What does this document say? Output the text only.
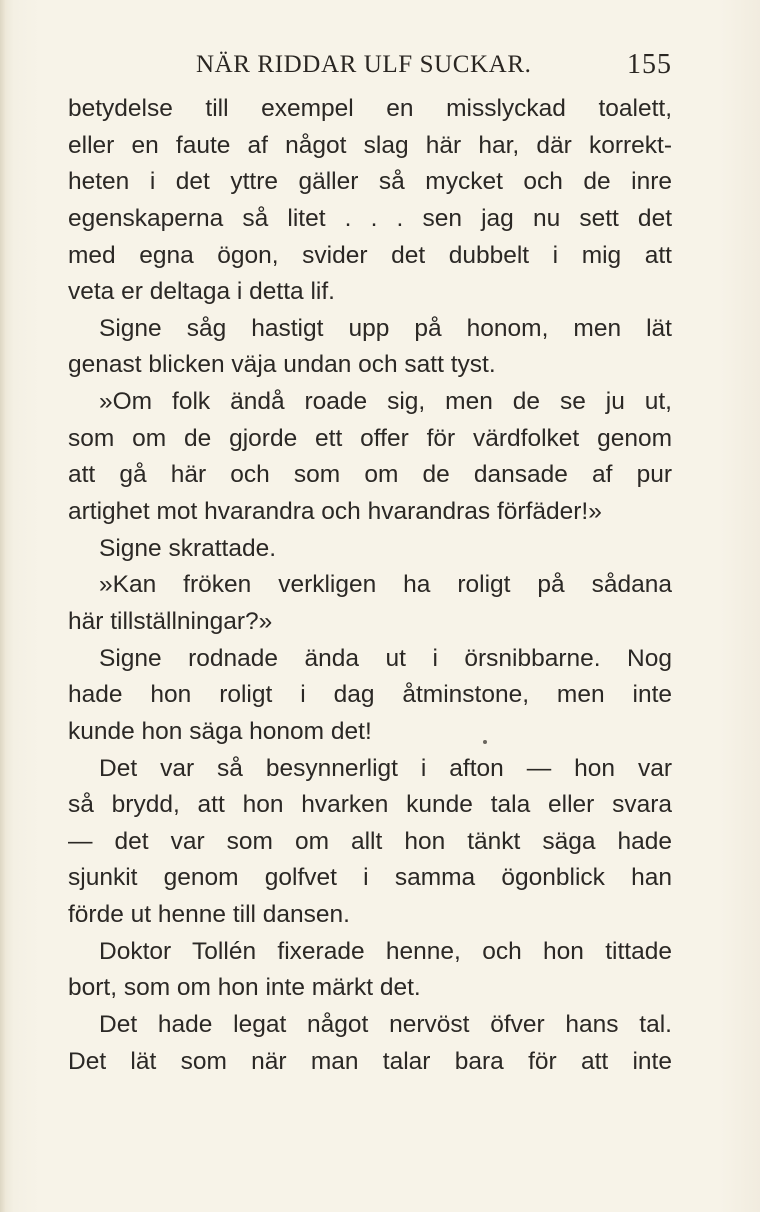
NÄR RIDDAR ULF SUCKAR.	155
betydelse till exempel en misslyckad toalett,
eller en faute af något slag här har, där korrekt-
heten i det yttre gäller så mycket och de inre
egenskaperna så litet . . . sen jag nu sett det
med egna ögon, svider det dubbelt i mig att
veta er deltaga i detta lif.
Signe såg hastigt upp på honom, men lät
genast blicken väja undan och satt tyst.
»Om folk ändå roade sig, men de se ju ut,
som om de gjorde ett offer för värdfolket genom
att gå här och som om de dansade af pur
artighet mot hvarandra och hvarandras förfäder!»
Signe skrattade.
»Kan fröken verkligen ha roligt på sådana
här tillställningar?»
Signe rodnade ända ut i örsnibbarne. Nog
hade hon roligt i dag åtminstone, men inte
kunde hon säga honom det!
Det var så besynnerligt i afton — hon var
så brydd, att hon hvarken kunde tala eller svara
— det var som om allt hon tänkt säga hade
sjunkit genom golfvet i samma ögonblick han
förde ut henne till dansen.
Doktor Tollén fixerade henne, och hon tittade
bort, som om hon inte märkt det.
Det hade legat något nervöst öfver hans tal.
Det lät som när man talar bara för att inte
